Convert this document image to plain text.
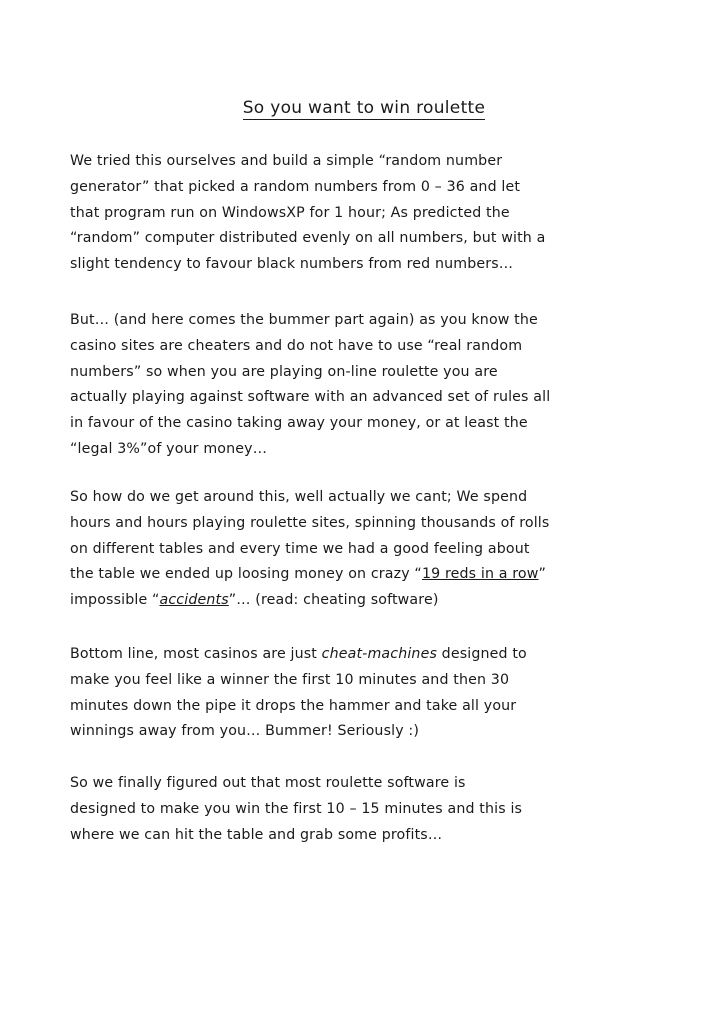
So you want to win roulette
We tried this ourselves and build a simple “random number
generator” that picked a random numbers from 0 – 36 and let
that program run on WindowsXP for 1 hour; As predicted the
“random” computer distributed evenly on all numbers, but with a
slight tendency to favour black numbers from red numbers…
But… (and here comes the bummer part again) as you know the
casino sites are cheaters and do not have to use “real random
numbers” so when you are playing on-line roulette you are
actually playing against software with an advanced set of rules all
in favour of the casino taking away your money, or at least the
“legal 3%”of your money…
So how do we get around this, well actually we cant; We spend
hours and hours playing roulette sites, spinning thousands of rolls
on different tables and every time we had a good feeling about
the table we ended up loosing money on crazy “19 reds in a row”
impossible “accidents”… (read: cheating software)
Bottom line, most casinos are just cheat-machines designed to
make you feel like a winner the first 10 minutes and then 30
minutes down the pipe it drops the hammer and take all your
winnings away from you… Bummer! Seriously :)
So we finally figured out that most roulette software is
designed to make you win the first 10 – 15 minutes and this is
where we can hit the table and grab some profits…
